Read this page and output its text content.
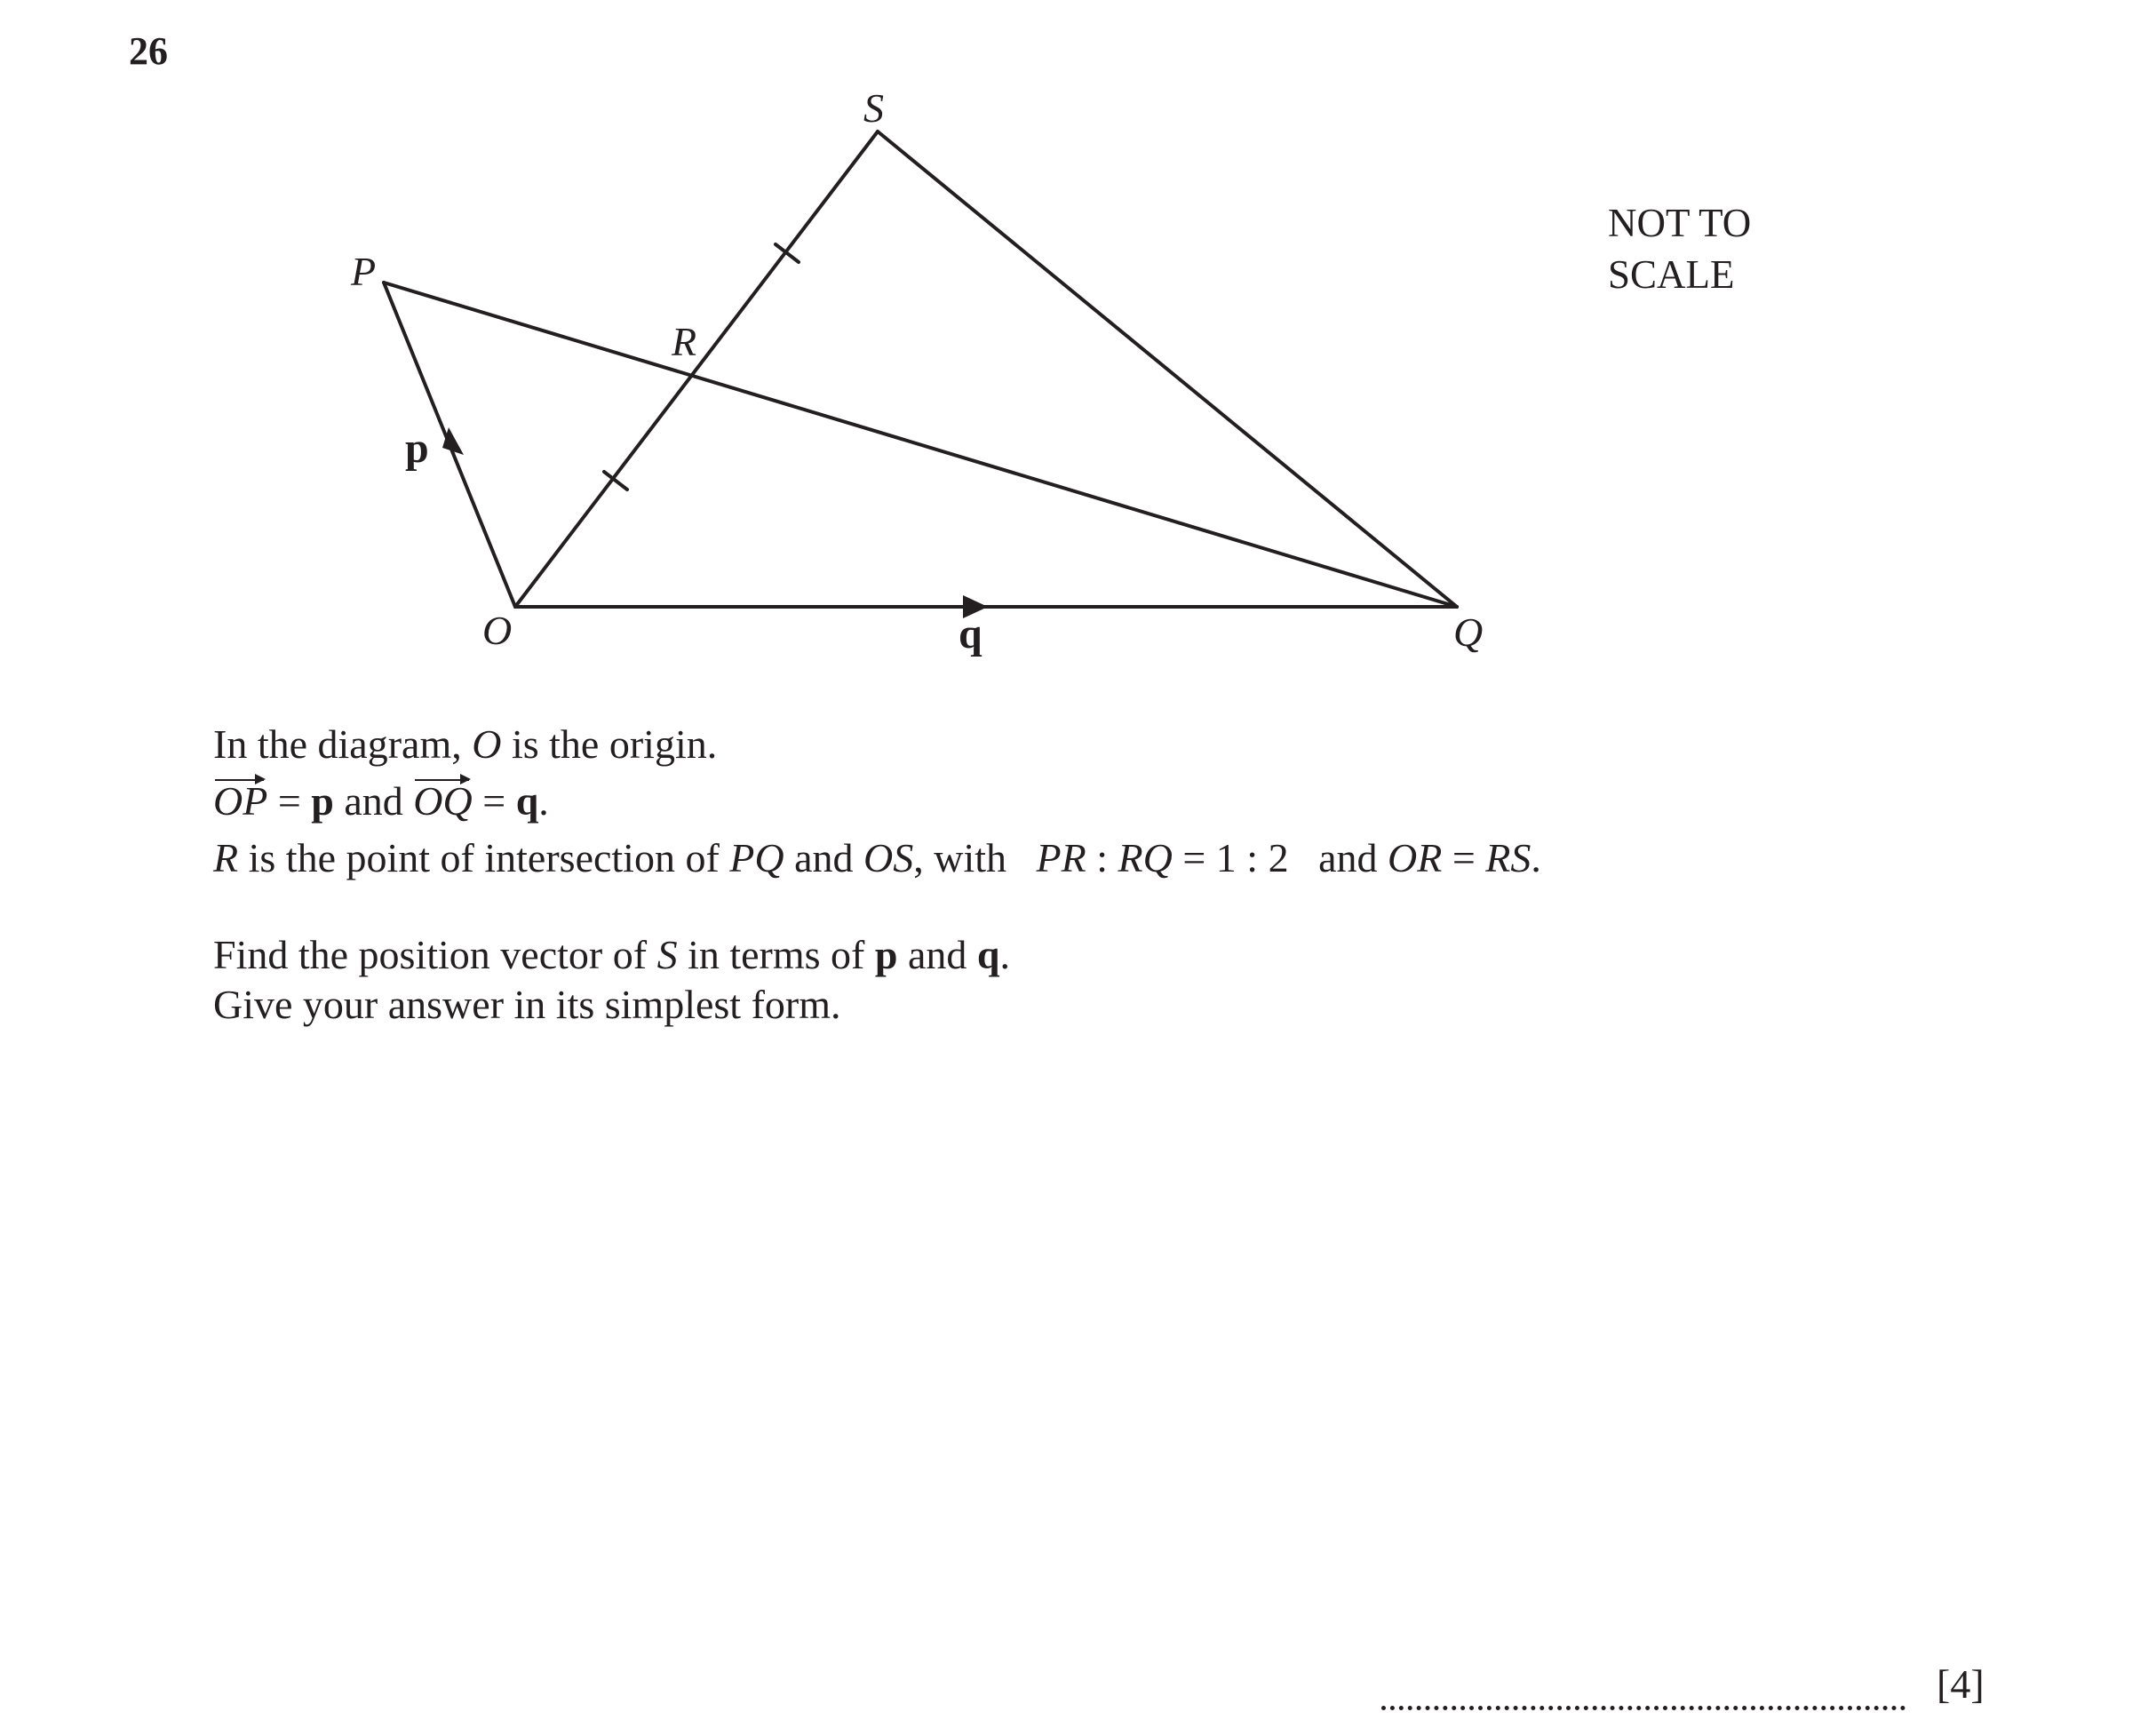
26
S
P
R
O	Q
p
q
NOT TO
SCALE
In the diagram, O is the origin.
OP = p and OQ = q.
R is the point of intersection of PQ and OS, with PR : RQ = 1 : 2 and OR = RS.
Find the position vector of S in terms of p and q.
Give your answer in its simplest form.
[4]
